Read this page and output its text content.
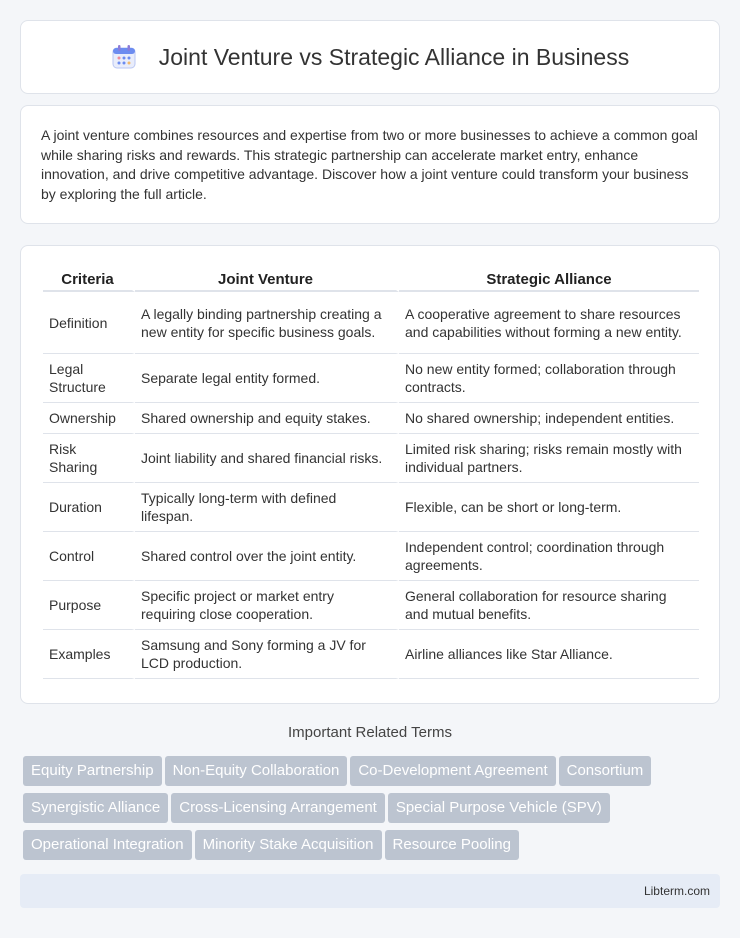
Joint Venture vs Strategic Alliance in Business

A joint venture combines resources and expertise from two or more businesses to achieve a common goal while sharing risks and rewards. This strategic partnership can accelerate market entry, enhance innovation, and drive competitive advantage. Discover how a joint venture could transform your business by exploring the full article.

Criteria	Joint Venture	Strategic Alliance
Definition	A legally binding partnership creating a new entity for specific business goals.	A cooperative agreement to share resources and capabilities without forming a new entity.
Legal Structure	Separate legal entity formed.	No new entity formed; collaboration through contracts.
Ownership	Shared ownership and equity stakes.	No shared ownership; independent entities.
Risk Sharing	Joint liability and shared financial risks.	Limited risk sharing; risks remain mostly with individual partners.
Duration	Typically long-term with defined lifespan.	Flexible, can be short or long-term.
Control	Shared control over the joint entity.	Independent control; coordination through agreements.
Purpose	Specific project or market entry requiring close cooperation.	General collaboration for resource sharing and mutual benefits.
Examples	Samsung and Sony forming a JV for LCD production.	Airline alliances like Star Alliance.
Important Related Terms
Equity Partnership Non-Equity Collaboration Co-Development Agreement Consortium
Synergistic Alliance Cross-Licensing Arrangement Special Purpose Vehicle (SPV)
Operational Integration Minority Stake Acquisition Resource Pooling
Libterm.com
